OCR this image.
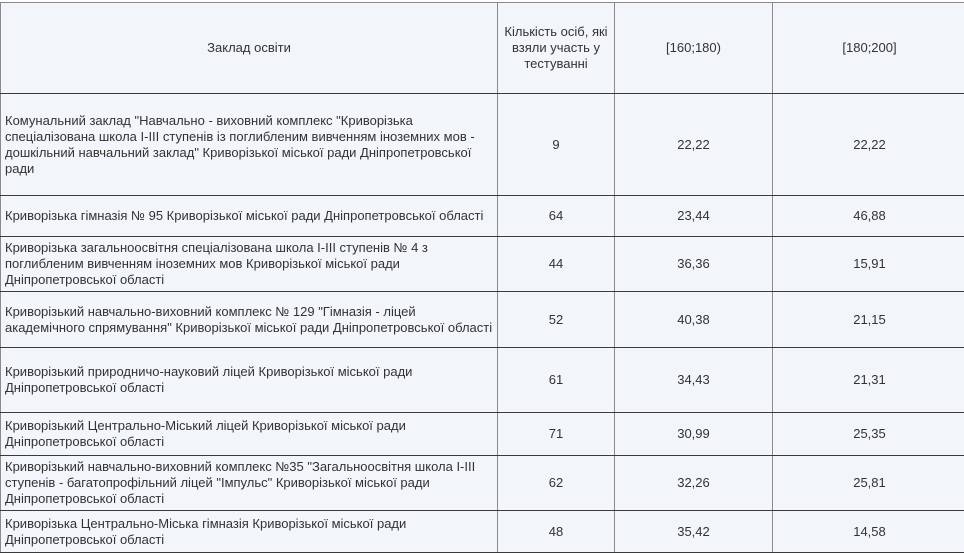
Заклад освіти	Кількість осіб, які взяли участь у тестуванні	[160;180)	[180;200]
Комунальний заклад "Навчально - виховний комплекс "Криворізька спеціалізована школа І-ІІІ ступенів із поглибленим вивченням іноземних мов - дошкільний навчальний заклад" Криворізької міської ради Дніпропетровської ради	9	22,22	22,22
Криворізька гімназія № 95 Криворізької міської ради Дніпропетровської області	64	23,44	46,88
Криворізька загальноосвітня спеціалізована школа І-ІІІ ступенів № 4 з поглибленим вивченням іноземних мов Криворізької міської ради Дніпропетровської області	44	36,36	15,91
Криворізький навчально-виховний комплекс № 129 "Гімназія - ліцей академічного спрямування" Криворізької міської ради Дніпропетровської області	52	40,38	21,15
Криворізький природничо-науковий ліцей Криворізької міської ради Дніпропетровської області	61	34,43	21,31
Криворізький Центрально-Міський ліцей Криворізької міської ради Дніпропетровської області	71	30,99	25,35
Криворізький навчально-виховний комплекс №35 "Загальноосвітня школа І-ІІІ ступенів - багатопрофільний ліцей "Імпульс" Криворізької міської ради Дніпропетровської області	62	32,26	25,81
Криворізька Центрально-Міська гімназія Криворізької міської ради Дніпропетровської області	48	35,42	14,58
